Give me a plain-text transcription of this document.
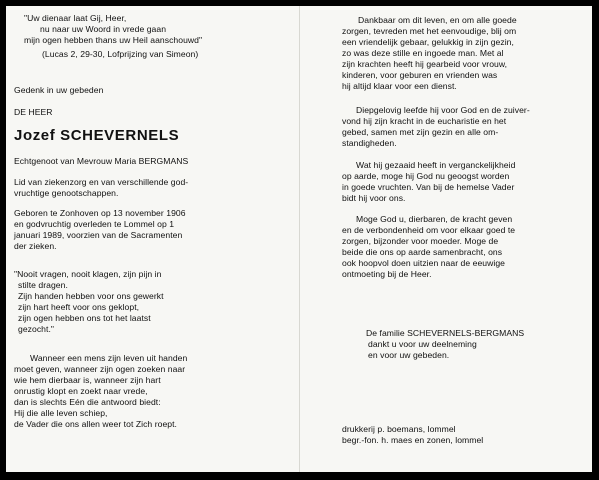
"Uw dienaar laat Gij, Heer,
nu naar uw Woord in vrede gaan
mijn ogen hebben thans uw Heil aanschouwd"
(Lucas 2, 29-30, Lofprijzing van Simeon)
Gedenk in uw gebeden
DE HEER
Jozef SCHEVERNELS
Echtgenoot van Mevrouw Maria BERGMANS
Lid van ziekenzorg en van verschillende god-
vruchtige genootschappen.
Geboren te Zonhoven op 13 november 1906
en godvruchtig overleden te Lommel op 1
januari 1989, voorzien van de Sacramenten
der zieken.
"Nooit vragen, nooit klagen, zijn pijn in
stilte dragen.
Zijn handen hebben voor ons gewerkt
zijn hart heeft voor ons geklopt,
zijn ogen hebben ons tot het laatst
gezocht."
Wanneer een mens zijn leven uit handen
moet geven, wanneer zijn ogen zoeken naar
wie hem dierbaar is, wanneer zijn hart
onrustig klopt en zoekt naar vrede,
dan is slechts Eén die antwoord biedt:
Hij die alle leven schiep,
de Vader die ons allen weer tot Zich roept.
Dankbaar om dit leven, en om alle goede
zorgen, tevreden met het eenvoudige, blij om
een vriendelijk gebaar, gelukkig in zijn gezin,
zo was deze stille en ingoede man. Met al
zijn krachten heeft hij gearbeid voor vrouw,
kinderen, voor geburen en vrienden was
hij altijd klaar voor een dienst.
Diepgelovig leefde hij voor God en de zuiver-
vond hij zijn kracht in de eucharistie en het
gebed, samen met zijn gezin en alle om-
standigheden.
Wat hij gezaaid heeft in verganckelijkheid
op aarde, moge hij God nu geoogst worden
in goede vruchten. Van bij de hemelse Vader
bidt hij voor ons.
Moge God u, dierbaren, de kracht geven
en de verbondenheid om voor elkaar goed te
zorgen, bijzonder voor moeder. Moge de
beide die ons op aarde samenbracht, ons
ook hoopvol doen uitzien naar de eeuwige
ontmoeting bij de Heer.
De familie SCHEVERNELS-BERGMANS
dankt u voor uw deelneming
en voor uw gebeden.
drukkerij p. boemans, lommel
begr.-fon. h. maes en zonen, lommel
